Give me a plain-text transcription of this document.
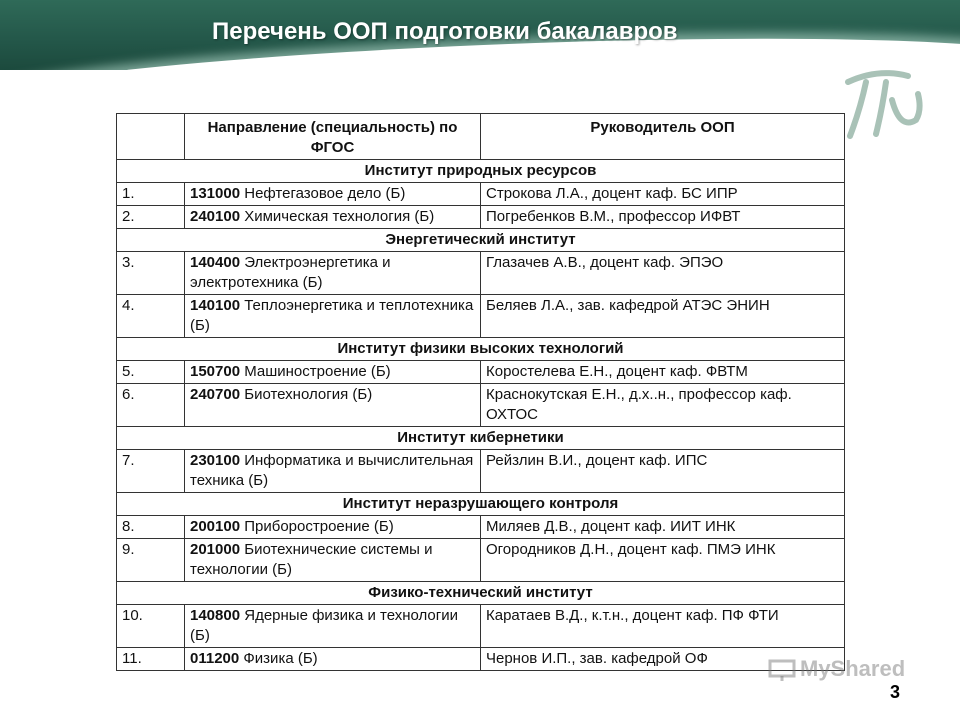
Перечень ООП подготовки бакалавров
	Направление (специальность) по ФГОС	Руководитель ООП
Институт природных ресурсов		
1.	131000 Нефтегазовое дело (Б)	Строкова Л.А., доцент каф. БС ИПР
2.	240100 Химическая технология (Б)	Погребенков В.М., профессор ИФВТ
Энергетический институт		
3.	140400 Электроэнергетика и электротехника (Б)	Глазачев А.В., доцент каф. ЭПЭО
4.	140100 Теплоэнергетика и теплотехника (Б)	Беляев Л.А., зав. кафедрой АТЭС ЭНИН
Институт физики высоких технологий		
5.	150700 Машиностроение (Б)	Коростелева Е.Н., доцент каф. ФВТМ
6.	240700 Биотехнология (Б)	Краснокутская Е.Н., д.х..н., профессор каф. ОХТОС
Институт кибернетики		
7.	230100 Информатика и вычислительная техника (Б)	Рейзлин В.И., доцент каф. ИПС
Институт неразрушающего контроля		
8.	200100 Приборостроение (Б)	Миляев Д.В., доцент каф. ИИТ ИНК
9.	201000 Биотехнические системы и технологии (Б)	Огородников Д.Н., доцент каф. ПМЭ ИНК
Физико-технический институт		
10.	140800 Ядерные физика и технологии (Б)	Каратаев В.Д., к.т.н., доцент каф. ПФ ФТИ
11.	011200 Физика (Б)	Чернов И.П., зав. кафедрой ОФ	MyShared
3
